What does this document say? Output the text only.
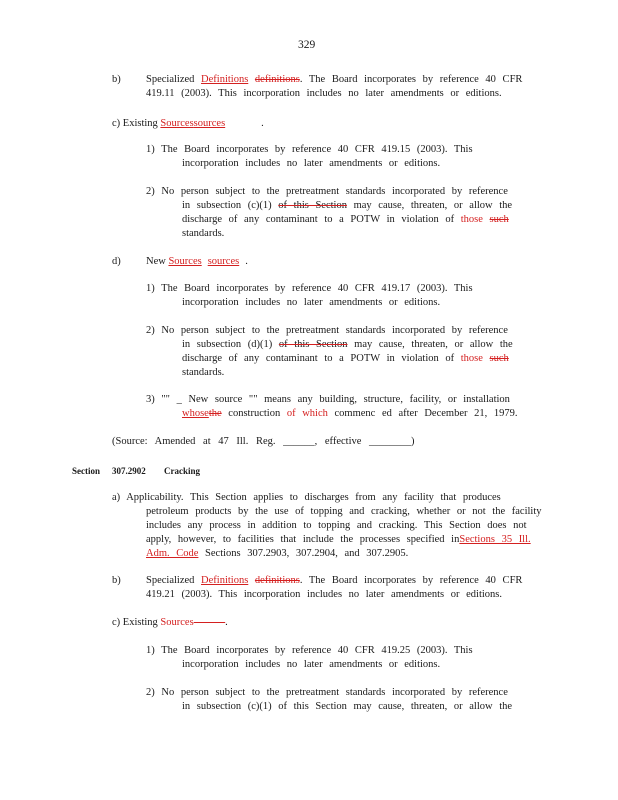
329
b) Specialized Definitions definitions. The Board incorporates by reference 40 CFR
419.11 (2003). This incorporation includes no later amendments or editions.
c) Existing Sourcessources	.
1) The Board incorporates by reference 40 CFR 419.15 (2003). This
incorporation includes no later amendments or editions.
2) No person subject to the pretreatment standards incorporated by reference
in subsection (c)(1) of this Section may cause, threaten, or allow the
discharge of any contaminant to a POTW in violation of those such
standards.
d) New Sources sources .
1) The Board incorporates by reference 40 CFR 419.17 (2003). This
incorporation includes no later amendments or editions.
2) No person subject to the pretreatment standards incorporated by reference
in subsection (d)(1) of this Section may cause, threaten, or allow the
discharge of any contaminant to a POTW in violation of those such
standards.
3) "" _ New source "" means any building, structure, facility, or installation
whosethe construction of which commenc ed after December 21, 1979.
(Source: Amended at 47 Ill. Reg. ______, effective ________)
Section 307.2902 Cracking
a) Applicability. This Section applies to discharges from any facility that produces
petroleum products by the use of topping and cracking, whether or not the facility
includes any process in addition to topping and cracking. This Section does not
apply, however, to facilities that include the processes specified inSections 35 Ill.
Adm. Code Sections 307.2903, 307.2904, and 307.2905.
b) Specialized Definitions definitions. The Board incorporates by reference 40 CFR
419.21 (2003). This incorporation includes no later amendments or editions.
c) Existing Sources	.
1) The Board incorporates by reference 40 CFR 419.25 (2003). This
incorporation includes no later amendments or editions.
2) No person subject to the pretreatment standards incorporated by reference
in subsection (c)(1) of this Section may cause, threaten, or allow the
